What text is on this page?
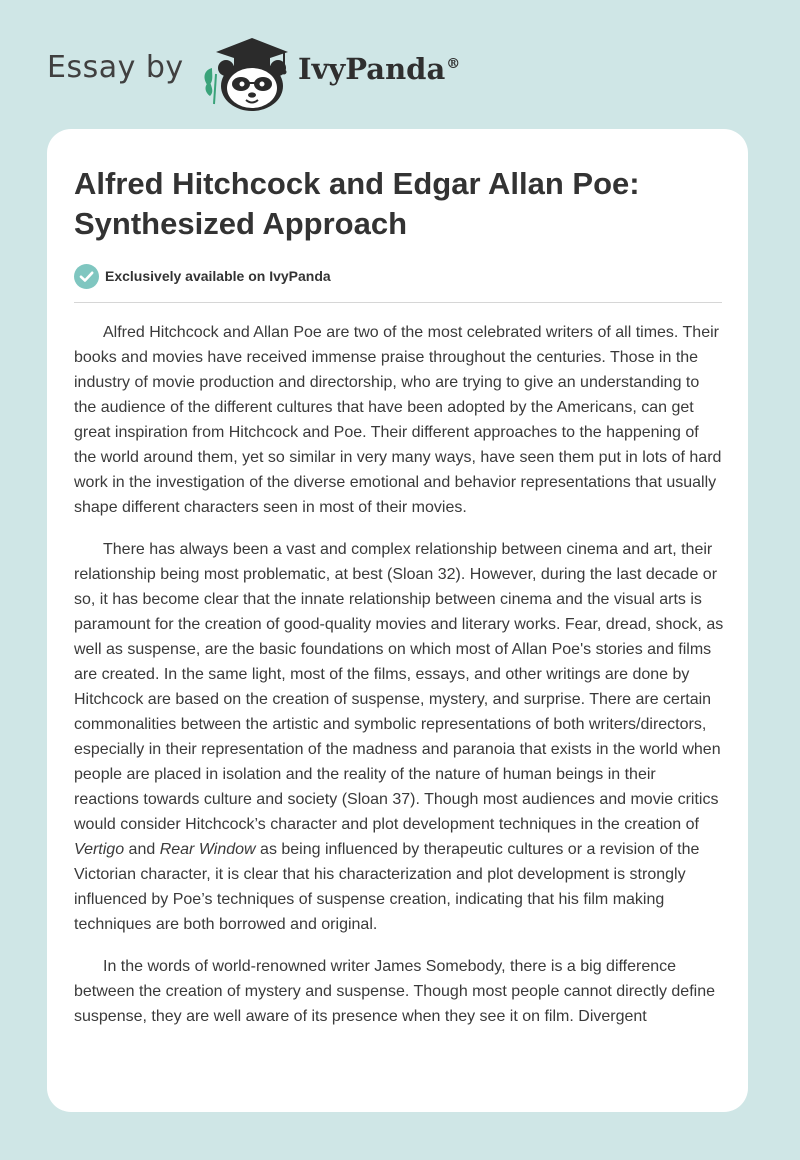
Essay by	IvyPanda®
Alfred Hitchcock and Edgar Allan Poe: Synthesized Approach
Exclusively available on IvyPanda

Alfred Hitchcock and Allan Poe are two of the most celebrated writers of all times. Their books and movies have received immense praise throughout the centuries. Those in the industry of movie production and directorship, who are trying to give an understanding to the audience of the different cultures that have been adopted by the Americans, can get great inspiration from Hitchcock and Poe. Their different approaches to the happening of the world around them, yet so similar in very many ways, have seen them put in lots of hard work in the investigation of the diverse emotional and behavior representations that usually shape different characters seen in most of their movies.

There has always been a vast and complex relationship between cinema and art, their relationship being most problematic, at best (Sloan 32). However, during the last decade or so, it has become clear that the innate relationship between cinema and the visual arts is paramount for the creation of good-quality movies and literary works. Fear, dread, shock, as well as suspense, are the basic foundations on which most of Allan Poe's stories and films are created. In the same light, most of the films, essays, and other writings are done by Hitchcock are based on the creation of suspense, mystery, and surprise. There are certain commonalities between the artistic and symbolic representations of both writers/directors, especially in their representation of the madness and paranoia that exists in the world when people are placed in isolation and the reality of the nature of human beings in their reactions towards culture and society (Sloan 37). Though most audiences and movie critics would consider Hitchcock’s character and plot development techniques in the creation of Vertigo and Rear Window as being influenced by therapeutic cultures or a revision of the Victorian character, it is clear that his characterization and plot development is strongly influenced by Poe’s techniques of suspense creation, indicating that his film making techniques are both borrowed and original.

In the words of world-renowned writer James Somebody, there is a big difference between the creation of mystery and suspense. Though most people cannot directly define suspense, they are well aware of its presence when they see it on film. Divergent
